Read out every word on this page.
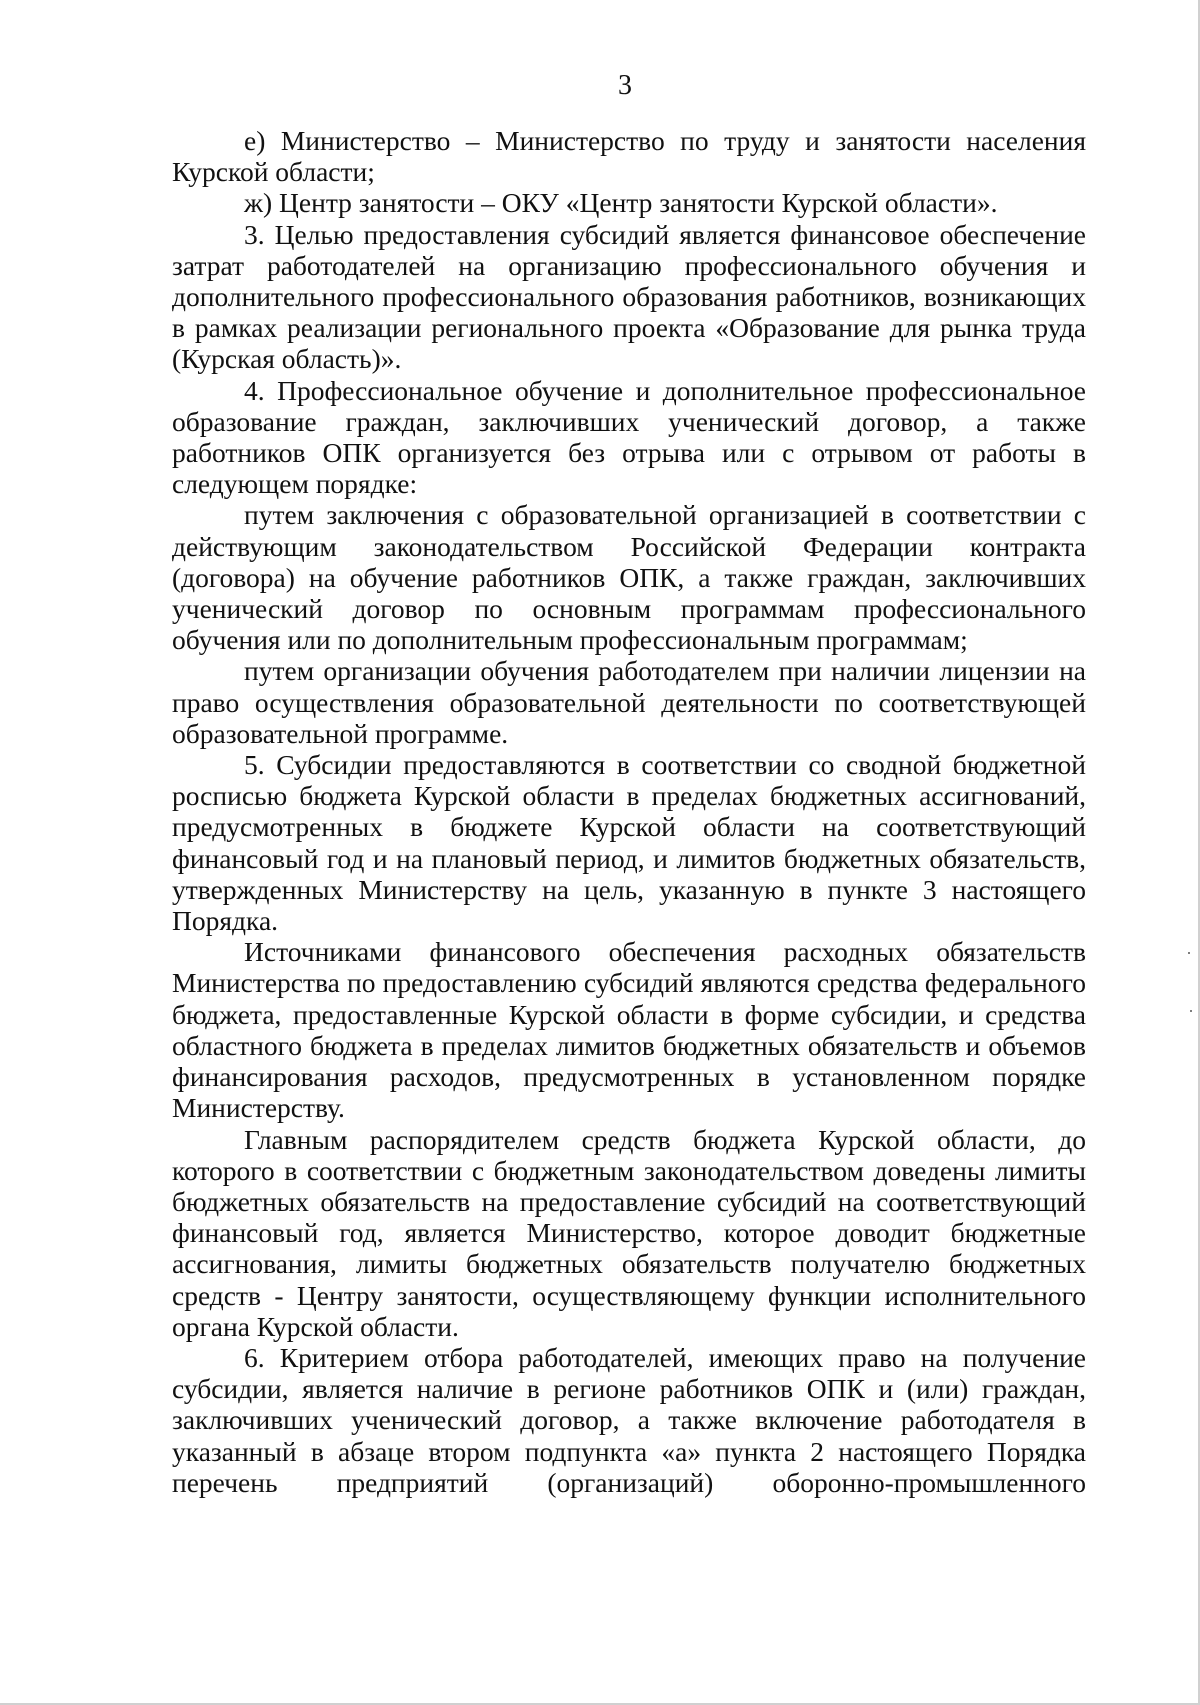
3

е) Министерство – Министерство по труду и занятости населения Курской области;

ж) Центр занятости – ОКУ «Центр занятости Курской области».

3. Целью предоставления субсидий является финансовое обеспечение затрат работодателей на организацию профессионального обучения и дополнительного профессионального образования работников, возникающих в рамках реализации регионального проекта «Образование для рынка труда (Курская область)».

4. Профессиональное обучение и дополнительное профессиональное образование граждан, заключивших ученический договор, а также работников ОПК организуется без отрыва или с отрывом от работы в следующем порядке:

путем заключения с образовательной организацией в соответствии с действующим законодательством Российской Федерации контракта (договора) на обучение работников ОПК, а также граждан, заключивших ученический договор по основным программам профессионального обучения или по дополнительным профессиональным программам;

путем организации обучения работодателем при наличии лицензии на право осуществления образовательной деятельности по соответствующей образовательной программе.

5. Субсидии предоставляются в соответствии со сводной бюджетной росписью бюджета Курской области в пределах бюджетных ассигнований, предусмотренных в бюджете Курской области на соответствующий финансовый год и на плановый период, и лимитов бюджетных обязательств, утвержденных Министерству на цель, указанную в пункте 3 настоящего Порядка.

Источниками финансового обеспечения расходных обязательств Министерства по предоставлению субсидий являются средства федерального бюджета, предоставленные Курской области в форме субсидии, и средства областного бюджета в пределах лимитов бюджетных обязательств и объемов финансирования расходов, предусмотренных в установленном порядке Министерству.

Главным распорядителем средств бюджета Курской области, до которого в соответствии с бюджетным законодательством доведены лимиты бюджетных обязательств на предоставление субсидий на соответствующий финансовый год, является Министерство, которое доводит бюджетные ассигнования, лимиты бюджетных обязательств получателю бюджетных средств - Центру занятости, осуществляющему функции исполнительного органа Курской области.

6. Критерием отбора работодателей, имеющих право на получение субсидии, является наличие в регионе работников ОПК и (или) граждан, заключивших ученический договор, а также включение работодателя в указанный в абзаце втором подпункта «а» пункта 2 настоящего Порядка перечень предприятий (организаций) оборонно-промышленного
